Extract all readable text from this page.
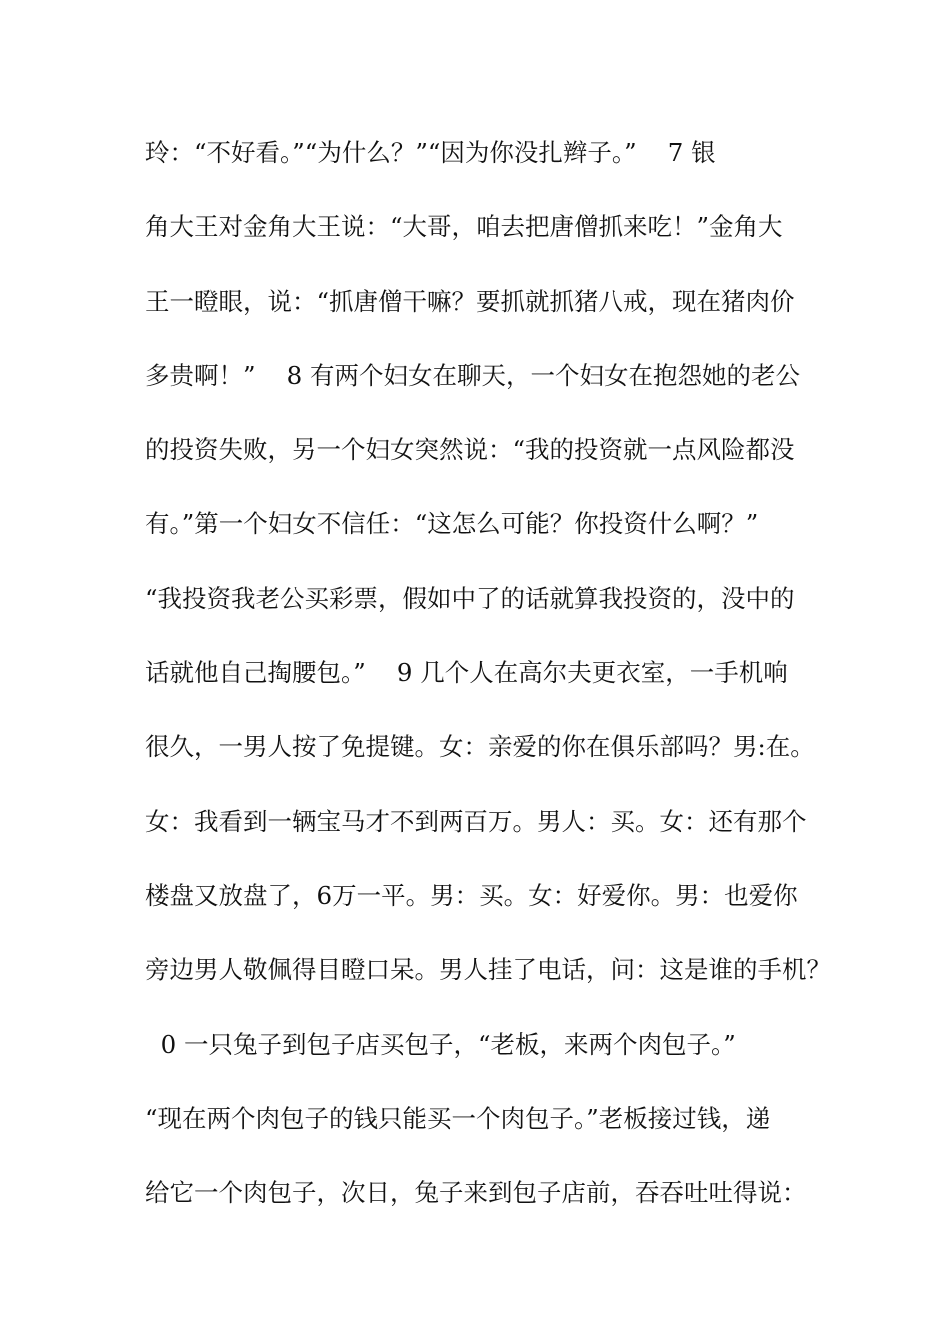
玲：“不好看。”“为什么？”“因为你没扎辫子。”    7 银
角大王对金角大王说：“大哥，咱去把唐僧抓来吃！”金角大
王一瞪眼，说：“抓唐僧干嘛？要抓就抓猪八戒，现在猪肉价
多贵啊！”    8 有两个妇女在聊天，一个妇女在抱怨她的老公
的投资失败，另一个妇女突然说：“我的投资就一点风险都没
有。”第一个妇女不信任：“这怎么可能？你投资什么啊？”
“我投资我老公买彩票，假如中了的话就算我投资的，没中的
话就他自己掏腰包。”    9 几个人在高尔夫更衣室，一手机响
很久，一男人按了免提键。女：亲爱的你在俱乐部吗？男:在。
女：我看到一辆宝马才不到两百万。男人：买。女：还有那个
楼盘又放盘了，6万一平。男：买。女：好爱你。男：也爱你
旁边男人敬佩得目瞪口呆。男人挂了电话，问：这是谁的手机？
0 一只兔子到包子店买包子，“老板，来两个肉包子。”
“现在两个肉包子的钱只能买一个肉包子。”老板接过钱，递
给它一个肉包子，次日，兔子来到包子店前，吞吞吐吐得说：
